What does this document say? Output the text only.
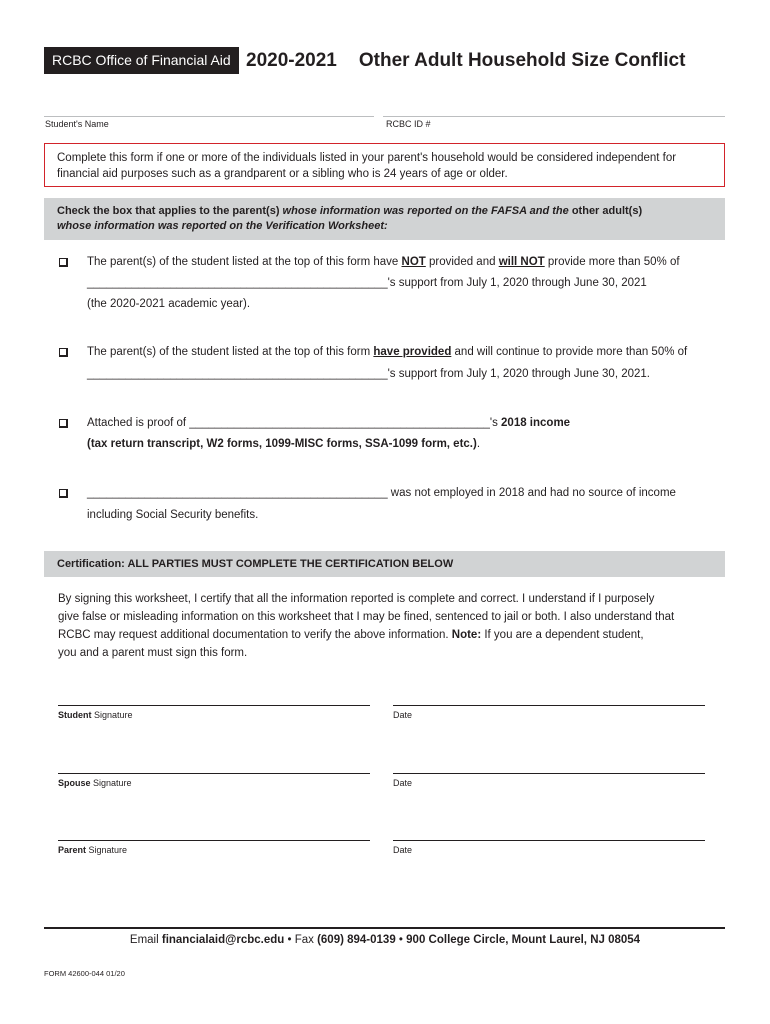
RCBC Office of Financial Aid 2020-2021 Other Adult Household Size Conflict
Student's Name	RCBC ID #
Complete this form if one or more of the individuals listed in your parent's household would be considered independent for
financial aid purposes such as a grandparent or a sibling who is 24 years of age or older.
Check the box that applies to the parent(s) whose information was reported on the FAFSA and the other adult(s)
whose information was reported on the Verification Worksheet:
The parent(s) of the student listed at the top of this form have NOT provided and will NOT provide more than 50% of
_______________________________________________'s support from July 1, 2020 through June 30, 2021
(the 2020-2021 academic year).
The parent(s) of the student listed at the top of this form have provided and will continue to provide more than 50% of
_______________________________________________'s support from July 1, 2020 through June 30, 2021.
Attached is proof of _______________________________________________'s 2018 income
(tax return transcript, W2 forms, 1099-MISC forms, SSA-1099 form, etc.).
_______________________________________________ was not employed in 2018 and had no source of income
including Social Security benefits.
Certification: ALL PARTIES MUST COMPLETE THE CERTIFICATION BELOW

By signing this worksheet, I certify that all the information reported is complete and correct. I understand if I purposely

give false or misleading information on this worksheet that I may be fined, sentenced to jail or both. I also understand that

RCBC may request additional documentation to verify the above information. Note: If you are a dependent student,

you and a parent must sign this form.

Student Signature	Date
Spouse Signature	Date
Parent Signature	Date
Email financialaid@rcbc.edu • Fax (609) 894-0139 • 900 College Circle, Mount Laurel, NJ 08054
FORM 42600-044 01/20
